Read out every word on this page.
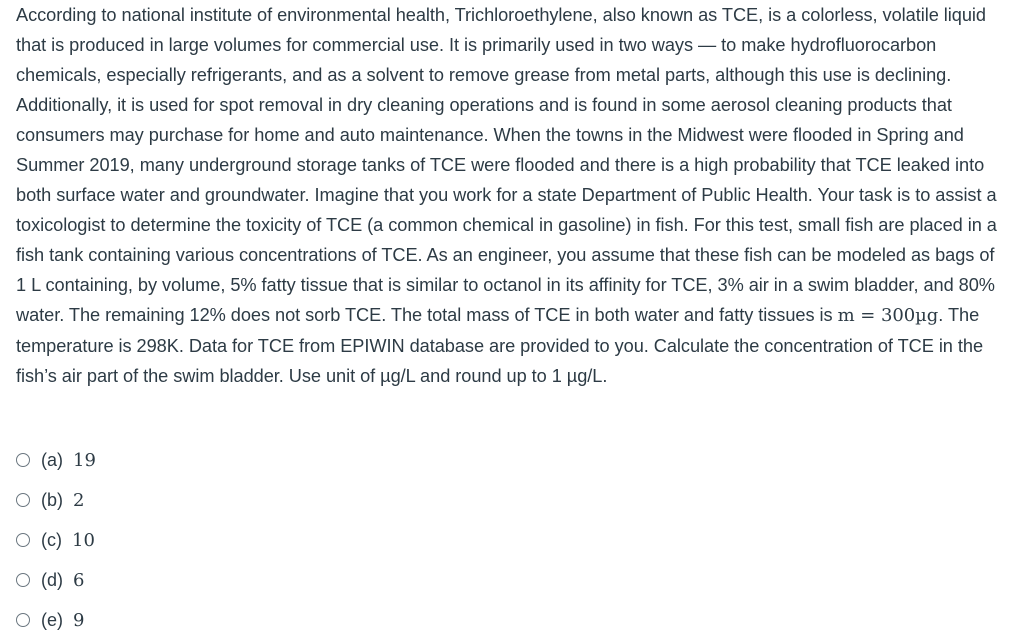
According to national institute of environmental health, Trichloroethylene, also known as TCE, is a colorless, volatile liquid that is produced in large volumes for commercial use. It is primarily used in two ways — to make hydrofluorocarbon chemicals, especially refrigerants, and as a solvent to remove grease from metal parts, although this use is declining. Additionally, it is used for spot removal in dry cleaning operations and is found in some aerosol cleaning products that consumers may purchase for home and auto maintenance. When the towns in the Midwest were flooded in Spring and Summer 2019, many underground storage tanks of TCE were flooded and there is a high probability that TCE leaked into both surface water and groundwater. Imagine that you work for a state Department of Public Health. Your task is to assist a toxicologist to determine the toxicity of TCE (a common chemical in gasoline) in fish. For this test, small fish are placed in a fish tank containing various concentrations of TCE. As an engineer, you assume that these fish can be modeled as bags of 1 L containing, by volume, 5% fatty tissue that is similar to octanol in its affinity for TCE, 3% air in a swim bladder, and 80% water. The remaining 12% does not sorb TCE. The total mass of TCE in both water and fatty tissues is m = 300µg. The temperature is 298K. Data for TCE from EPIWIN database are provided to you. Calculate the concentration of TCE in the fish’s air part of the swim bladder. Use unit of µg/L and round up to 1 µg/L.
(a) 19
(b) 2
(c) 10
(d) 6
(e) 9
